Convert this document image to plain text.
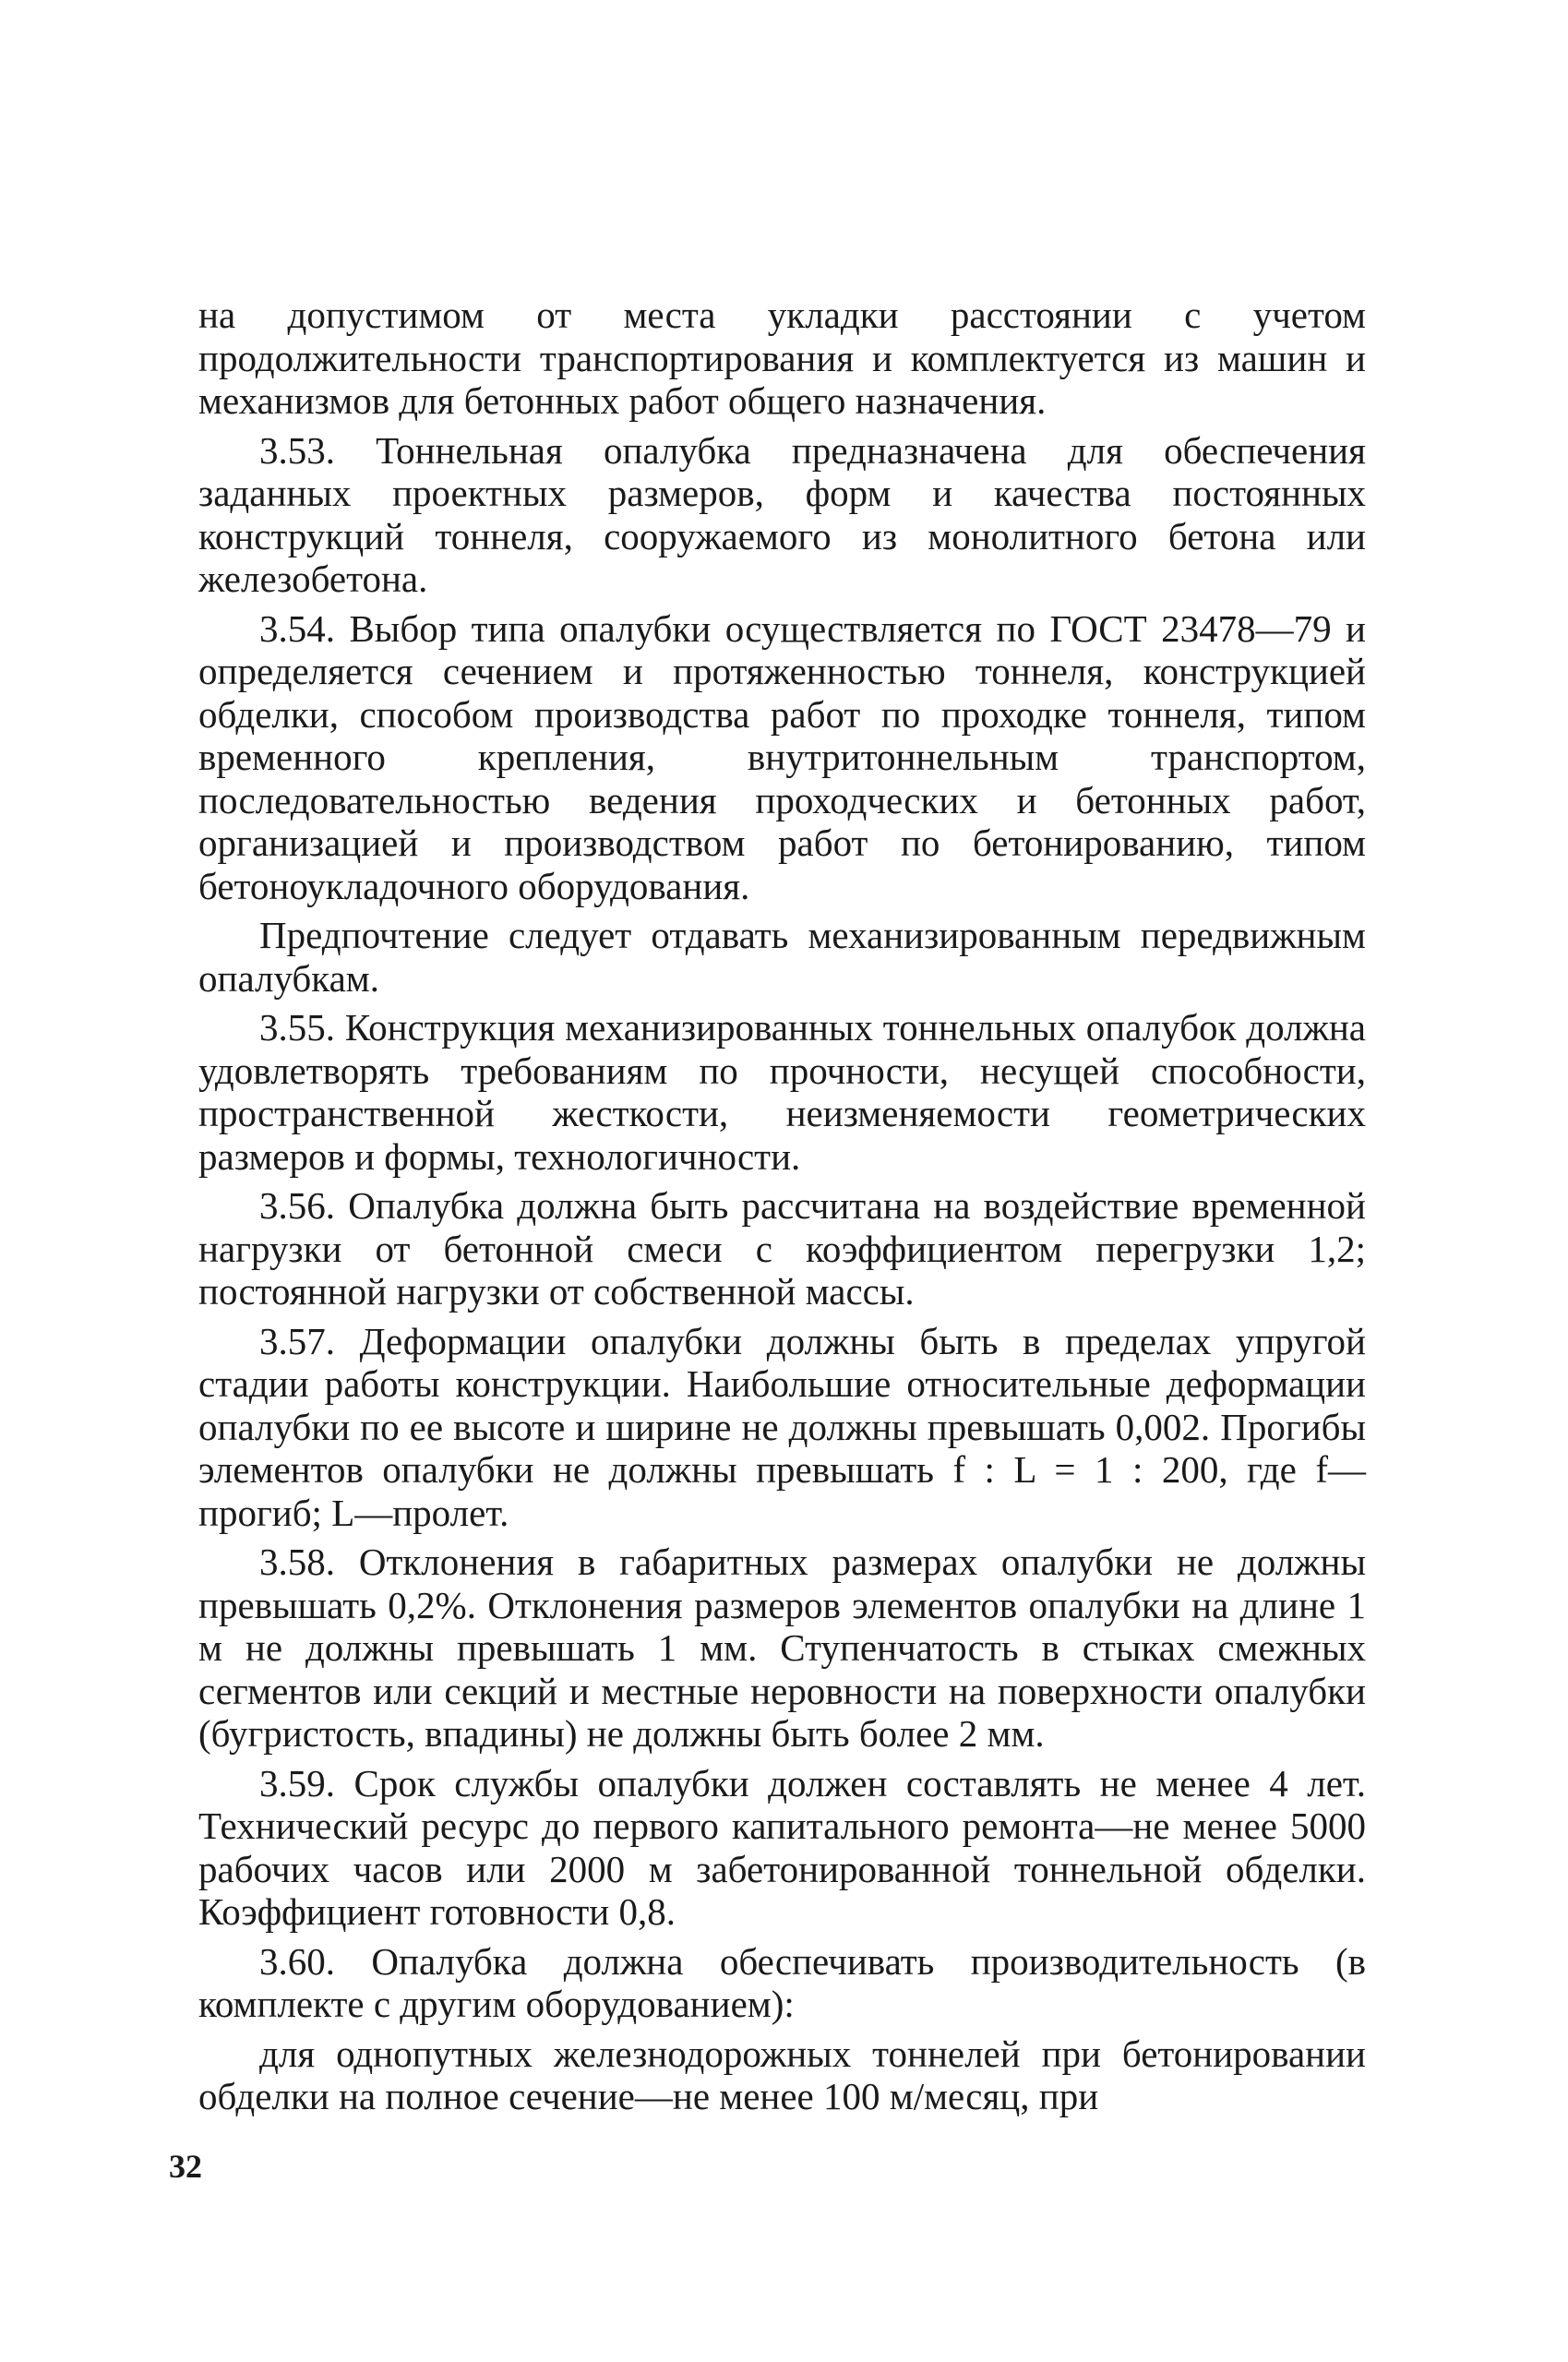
на допустимом от места укладки расстоянии с учетом продолжительности транспортирования и комплектуется из машин и механизмов для бетонных работ общего назначения.

3.53. Тоннельная опалубка предназначена для обеспечения заданных проектных размеров, форм и качества постоянных конструкций тоннеля, сооружаемого из монолитного бетона или железобетона.

3.54. Выбор типа опалубки осуществляется по ГОСТ 23478—79 и определяется сечением и протяженностью тоннеля, конструкцией обделки, способом производства работ по проходке тоннеля, типом временного крепления, внутритоннельным транспортом, последовательностью ведения проходческих и бетонных работ, организацией и производством работ по бетонированию, типом бетоноукладочного оборудования.

Предпочтение следует отдавать механизированным передвижным опалубкам.

3.55. Конструкция механизированных тоннельных опалубок должна удовлетворять требованиям по прочности, несущей способности, пространственной жесткости, неизменяемости геометрических размеров и формы, технологичности.

3.56. Опалубка должна быть рассчитана на воздействие временной нагрузки от бетонной смеси с коэффициентом перегрузки 1,2; постоянной нагрузки от собственной массы.

3.57. Деформации опалубки должны быть в пределах упругой стадии работы конструкции. Наибольшие относительные деформации опалубки по ее высоте и ширине не должны превышать 0,002. Прогибы элементов опалубки не должны превышать f : L = 1 : 200, где f—прогиб; L—пролет.

3.58. Отклонения в габаритных размерах опалубки не должны превышать 0,2%. Отклонения размеров элементов опалубки на длине 1 м не должны превышать 1 мм. Ступенчатость в стыках смежных сегментов или секций и местные неровности на поверхности опалубки (бугристость, впадины) не должны быть более 2 мм.

3.59. Срок службы опалубки должен составлять не менее 4 лет. Технический ресурс до первого капитального ремонта—не менее 5000 рабочих часов или 2000 м забетонированной тоннельной обделки. Коэффициент готовности 0,8.

3.60. Опалубка должна обеспечивать производительность (в комплекте с другим оборудованием):

для однопутных железнодорожных тоннелей при бетонировании обделки на полное сечение—не менее 100 м/месяц, при

32
